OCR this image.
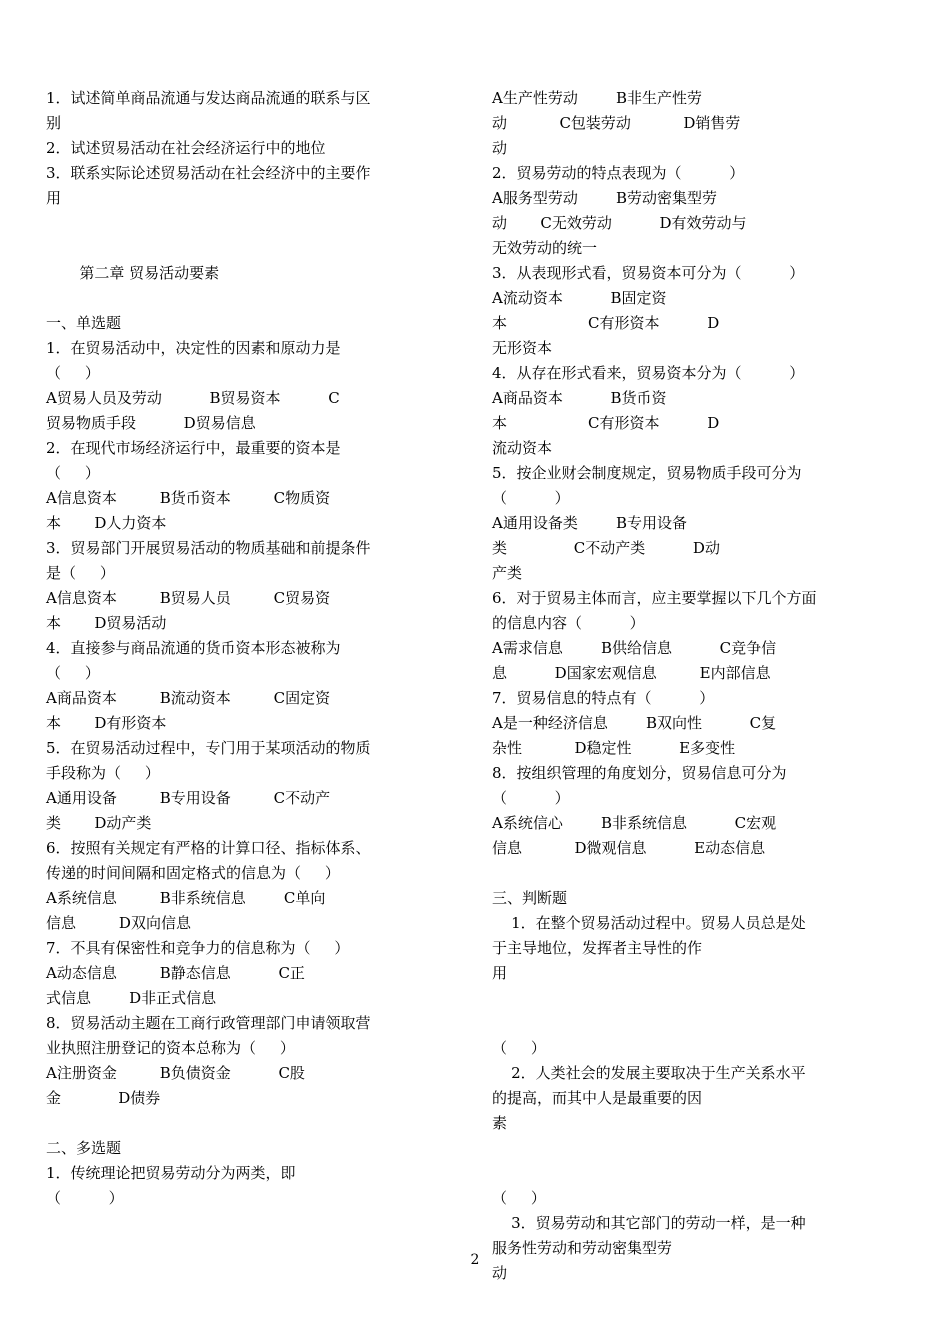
1．试述简单商品流通与发达商品流通的联系与区
别
2．试述贸易活动在社会经济运行中的地位
3．联系实际论述贸易活动在社会经济中的主要作
用
第二章 贸易活动要素
一、单选题
1．在贸易活动中，决定性的因素和原动力是
（     ）
A贸易人员及劳动          B贸易资本          C
贸易物质手段          D贸易信息
2．在现代市场经济运行中，最重要的资本是
（     ）
A信息资本         B货币资本         C物质资
本       D人力资本
3．贸易部门开展贸易活动的物质基础和前提条件
是（     ）
A信息资本         B贸易人员         C贸易资
本       D贸易活动
4．直接参与商品流通的货币资本形态被称为
（     ）
A商品资本         B流动资本         C固定资
本       D有形资本
5．在贸易活动过程中，专门用于某项活动的物质
手段称为（     ）
A通用设备         B专用设备         C不动产
类       D动产类
6．按照有关规定有严格的计算口径、指标体系、
传递的时间间隔和固定格式的信息为（     ）
A系统信息         B非系统信息        C单向
信息         D双向信息
7．不具有保密性和竞争力的信息称为（     ）
A动态信息         B静态信息          C正
式信息        D非正式信息
8．贸易活动主题在工商行政管理部门申请领取营
业执照注册登记的资本总称为（     ）
A注册资金         B负债资金          C股
金            D债券
二、多选题
1．传统理论把贸易劳动分为两类，即
（          ）
A生产性劳动        B非生产性劳
动           C包装劳动           D销售劳
动
2．贸易劳动的特点表现为（          ）
A服务型劳动        B劳动密集型劳
动       C无效劳动          D有效劳动与
无效劳动的统一
3．从表现形式看，贸易资本可分为（          ）
A流动资本          B固定资
本                 C有形资本          D
无形资本
4．从存在形式看来，贸易资本分为（          ）
A商品资本          B货币资
本                 C有形资本          D
流动资本
5．按企业财会制度规定，贸易物质手段可分为
（          ）
A通用设备类        B专用设备
类              C不动产类          D动
产类
6．对于贸易主体而言，应主要掌握以下几个方面
的信息内容（          ）
A需求信息        B供给信息          C竞争信
息          D国家宏观信息         E内部信息
7．贸易信息的特点有（          ）
A是一种经济信息        B双向性          C复
杂性           D稳定性          E多变性
8．按组织管理的角度划分，贸易信息可分为
（          ）
A系统信心        B非系统信息          C宏观
信息           D微观信息          E动态信息
三、判断题
1．在整个贸易活动过程中。贸易人员总是处
于主导地位，发挥者主导性的作
用
（     ）
2．人类社会的发展主要取决于生产关系水平
的提高，而其中人是最重要的因
素
（     ）
3．贸易劳动和其它部门的劳动一样，是一种
服务性劳动和劳动密集型劳
动
2
